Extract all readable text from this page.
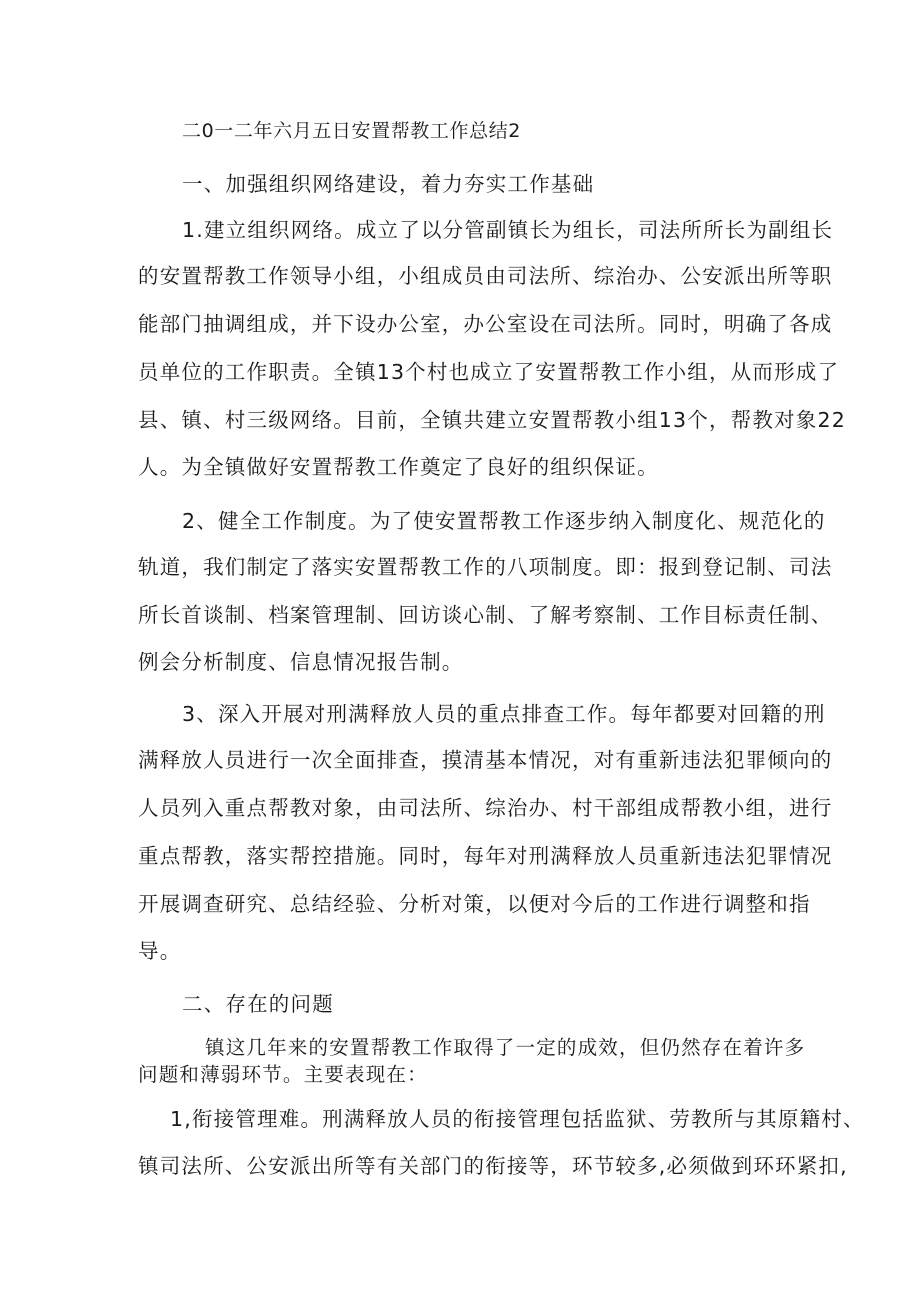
二0一二年六月五日安置帮教工作总结2
一、加强组织网络建设，着力夯实工作基础
1.建立组织网络。成立了以分管副镇长为组长，司法所所长为副组长
的安置帮教工作领导小组，小组成员由司法所、综治办、公安派出所等职
能部门抽调组成，并下设办公室，办公室设在司法所。同时，明确了各成
员单位的工作职责。全镇13个村也成立了安置帮教工作小组，从而形成了
县、镇、村三级网络。目前，全镇共建立安置帮教小组13个，帮教对象22
人。为全镇做好安置帮教工作奠定了良好的组织保证。
2、健全工作制度。为了使安置帮教工作逐步纳入制度化、规范化的
轨道，我们制定了落实安置帮教工作的八项制度。即：报到登记制、司法
所长首谈制、档案管理制、回访谈心制、了解考察制、工作目标责任制、
例会分析制度、信息情况报告制。
3、深入开展对刑满释放人员的重点排查工作。每年都要对回籍的刑
满释放人员进行一次全面排查，摸清基本情况，对有重新违法犯罪倾向的
人员列入重点帮教对象，由司法所、综治办、村干部组成帮教小组，进行
重点帮教，落实帮控措施。同时，每年对刑满释放人员重新违法犯罪情况
开展调查研究、总结经验、分析对策，以便对今后的工作进行调整和指
导。
二、存在的问题
镇这几年来的安置帮教工作取得了一定的成效，但仍然存在着许多
问题和薄弱环节。主要表现在：
1,衔接管理难。刑满释放人员的衔接管理包括监狱、劳教所与其原籍村、
镇司法所、公安派出所等有关部门的衔接等，环节较多,必须做到环环紧扣,
